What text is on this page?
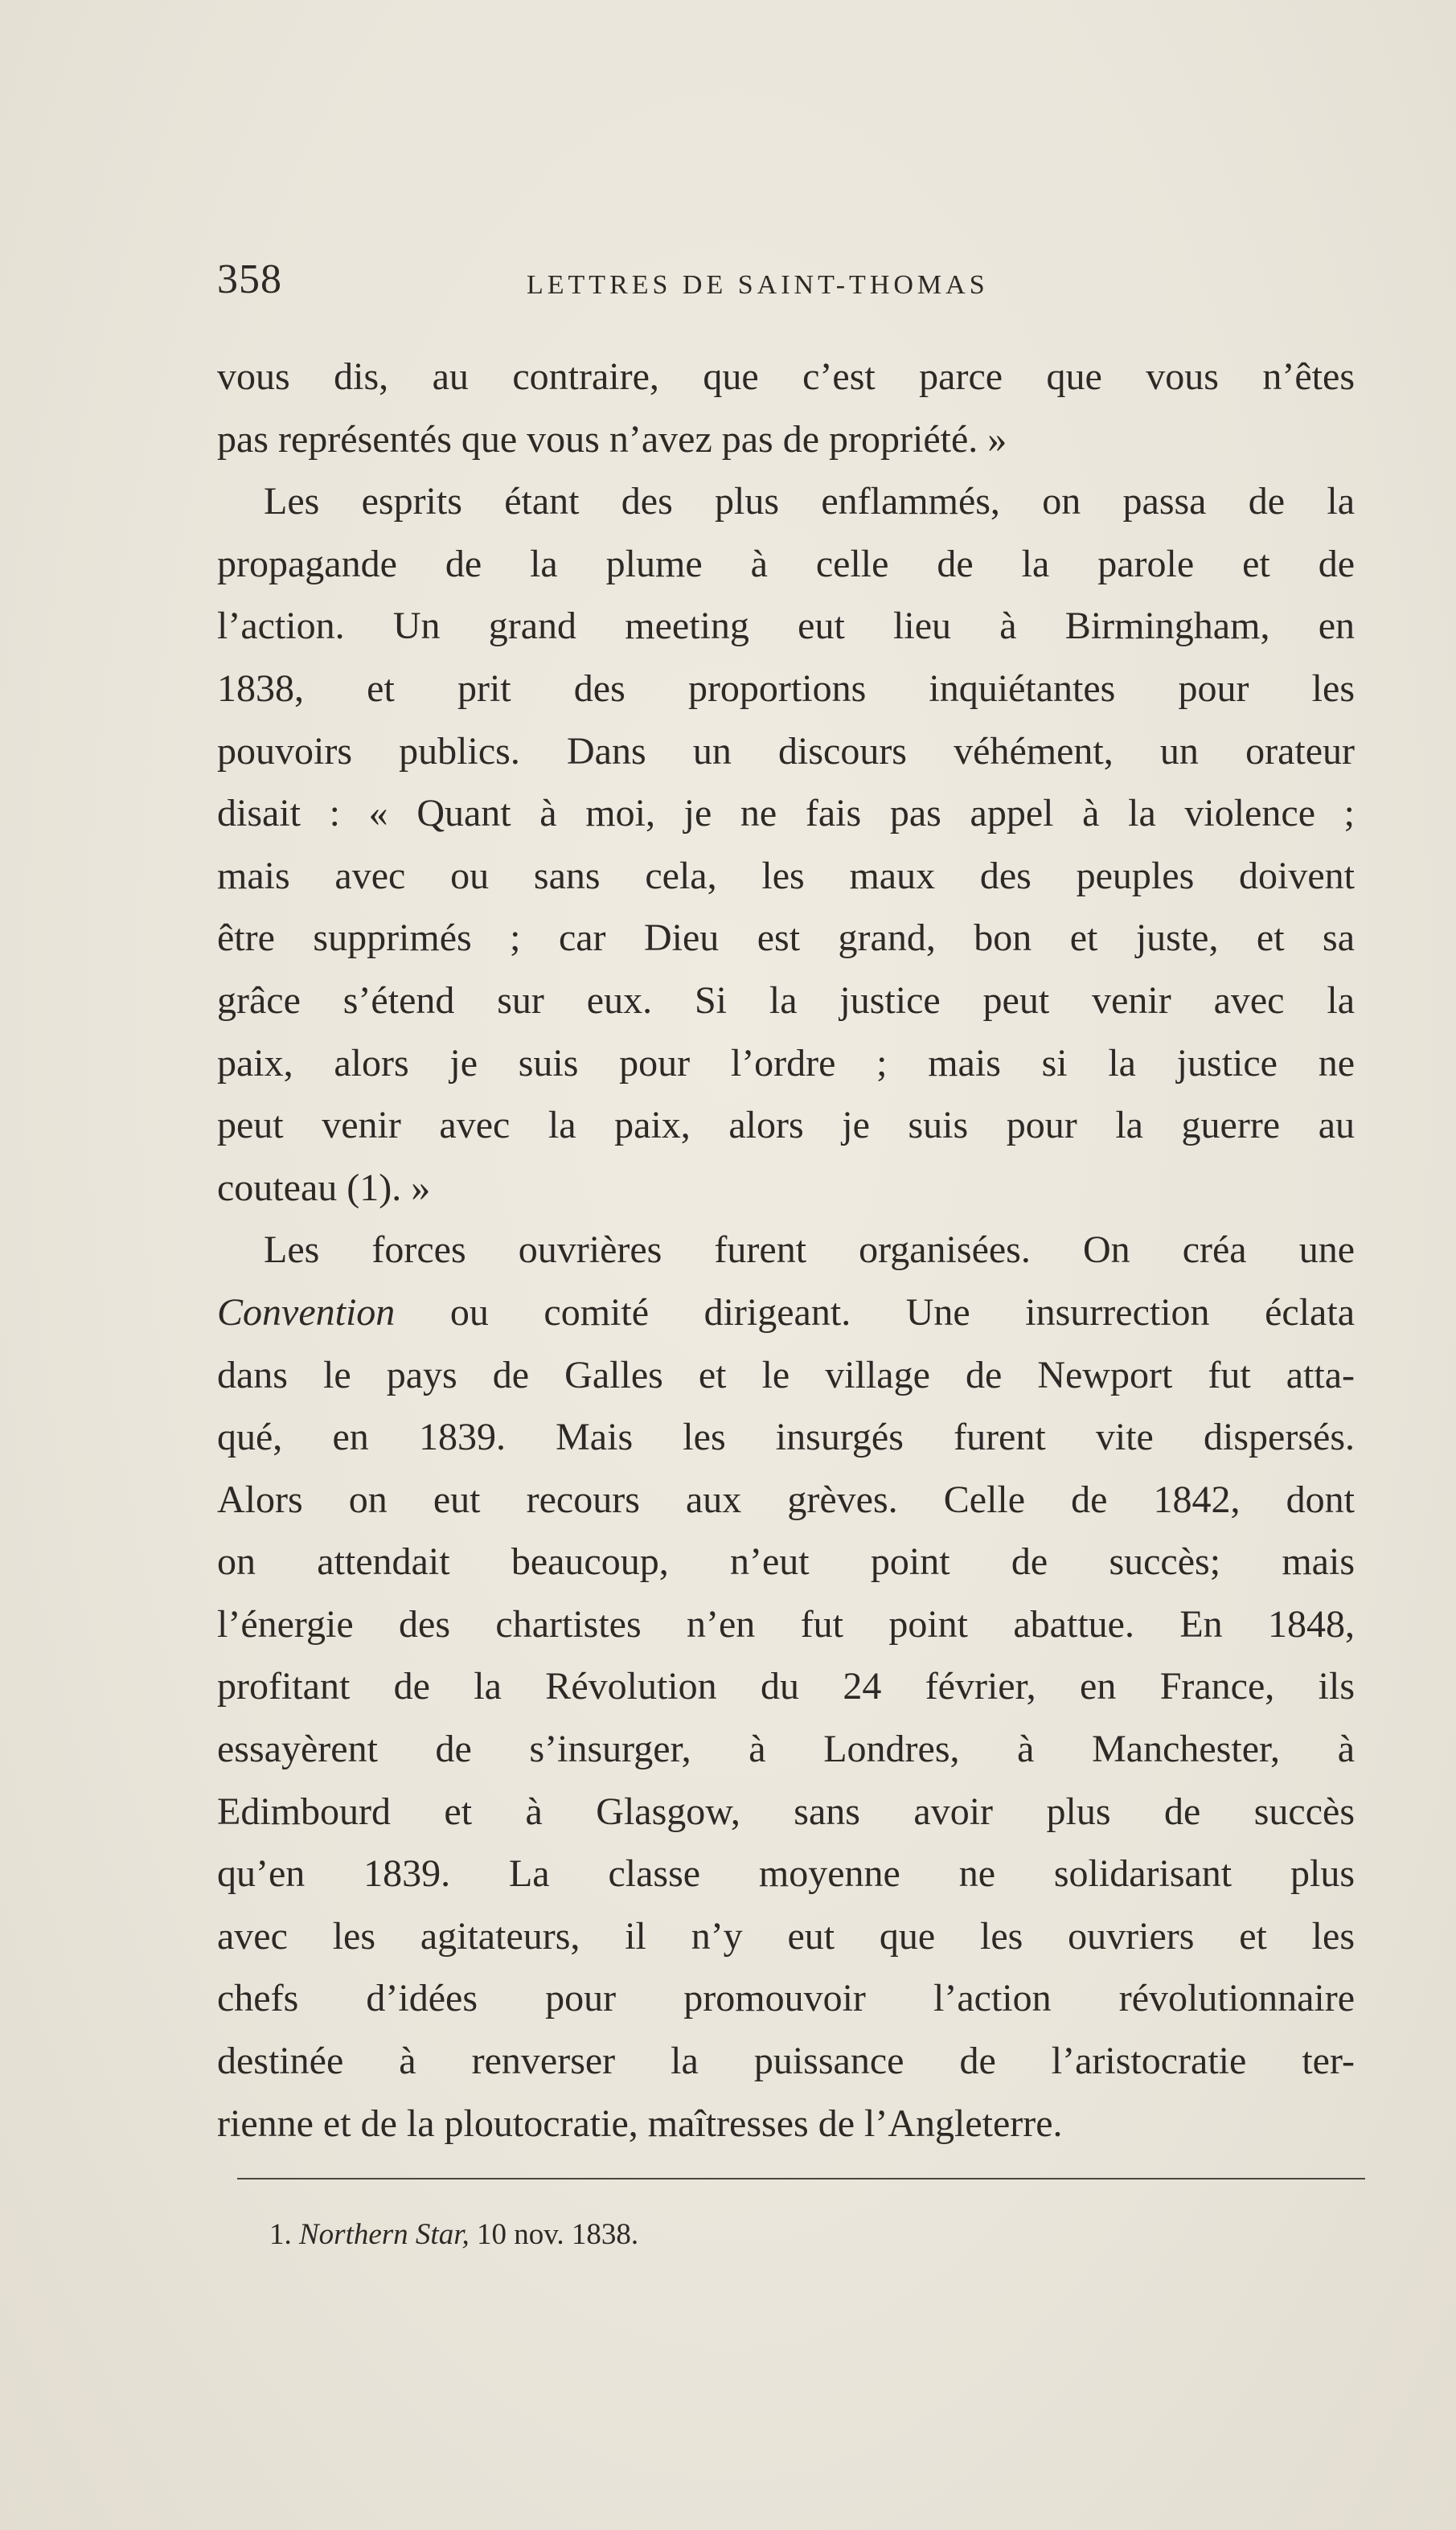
358	LETTRES DE SAINT-THOMAS
vous dis, au contraire, que c’est parce que vous n’êtes
pas représentés que vous n’avez pas de propriété. »
Les esprits étant des plus enflammés, on passa de la
propagande de la plume à celle de la parole et de
l’action. Un grand meeting eut lieu à Birmingham, en
1838, et prit des proportions inquiétantes pour les
pouvoirs publics. Dans un discours véhément, un orateur
disait : « Quant à moi, je ne fais pas appel à la violence ;
mais avec ou sans cela, les maux des peuples doivent
être supprimés ; car Dieu est grand, bon et juste, et sa
grâce s’étend sur eux. Si la justice peut venir avec la
paix, alors je suis pour l’ordre ; mais si la justice ne
peut venir avec la paix, alors je suis pour la guerre au
couteau (1). »
Les forces ouvrières furent organisées. On créa une
Convention ou comité dirigeant. Une insurrection éclata
dans le pays de Galles et le village de Newport fut atta-
qué, en 1839. Mais les insurgés furent vite dispersés.
Alors on eut recours aux grèves. Celle de 1842, dont
on attendait beaucoup, n’eut point de succès; mais
l’énergie des chartistes n’en fut point abattue. En 1848,
profitant de la Révolution du 24 février, en France, ils
essayèrent de s’insurger, à Londres, à Manchester, à
Edimbourd et à Glasgow, sans avoir plus de succès
qu’en 1839. La classe moyenne ne solidarisant plus
avec les agitateurs, il n’y eut que les ouvriers et les
chefs d’idées pour promouvoir l’action révolutionnaire
destinée à renverser la puissance de l’aristocratie ter-
rienne et de la ploutocratie, maîtresses de l’Angleterre.
1. Northern Star, 10 nov. 1838.
